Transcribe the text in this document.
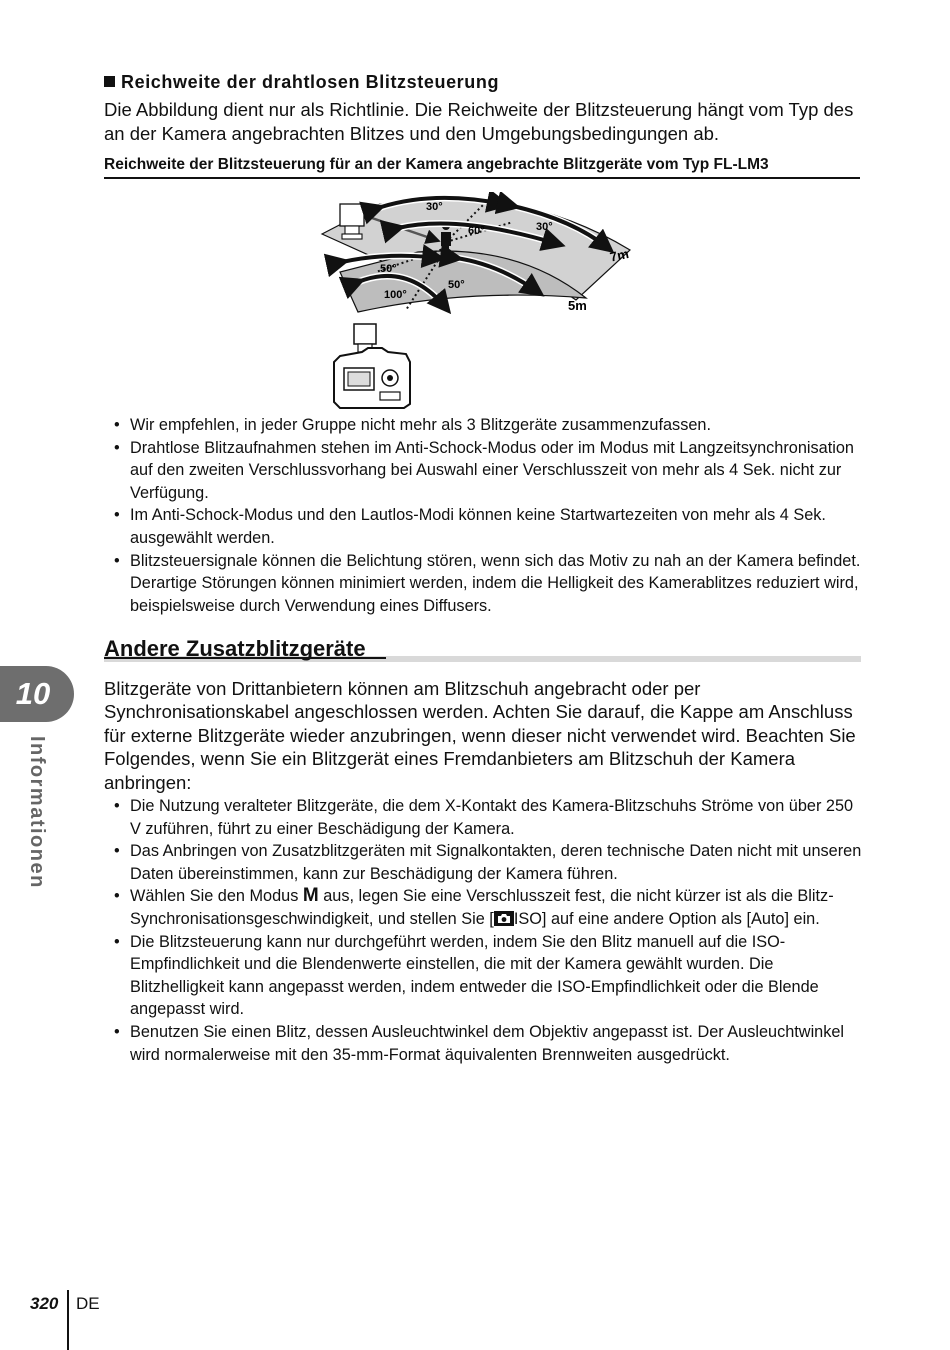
Reichweite der drahtlosen Blitzsteuerung
Die Abbildung dient nur als Richtlinie. Die Reichweite der Blitzsteuerung hängt vom Typ des an der Kamera angebrachten Blitzes und den Umgebungsbedingungen ab.
Reichweite der Blitzsteuerung für an der Kamera angebrachte Blitzgeräte vom Typ FL-LM3
30°
30°
60°
50°
50°
100°
7m
5m
• Wir empfehlen, in jeder Gruppe nicht mehr als 3 Blitzgeräte zusammenzufassen.
• Drahtlose Blitzaufnahmen stehen im Anti-Schock-Modus oder im Modus mit Langzeitsynchronisation auf den zweiten Verschlussvorhang bei Auswahl einer Verschlusszeit von mehr als 4 Sek. nicht zur Verfügung.
• Im Anti-Schock-Modus und den Lautlos-Modi können keine Startwartezeiten von mehr als 4 Sek. ausgewählt werden.
• Blitzsteuersignale können die Belichtung stören, wenn sich das Motiv zu nah an der Kamera befindet. Derartige Störungen können minimiert werden, indem die Helligkeit des Kamerablitzes reduziert wird, beispielsweise durch Verwendung eines Diffusers.
Andere Zusatzblitzgeräte
Blitzgeräte von Drittanbietern können am Blitzschuh angebracht oder per Synchronisationskabel angeschlossen werden. Achten Sie darauf, die Kappe am Anschluss für externe Blitzgeräte wieder anzubringen, wenn dieser nicht verwendet wird. Beachten Sie Folgendes, wenn Sie ein Blitzgerät eines Fremdanbieters am Blitzschuh der Kamera anbringen:
• Die Nutzung veralteter Blitzgeräte, die dem X-Kontakt des Kamera-Blitzschuhs Ströme von über 250 V zuführen, führt zu einer Beschädigung der Kamera.
• Das Anbringen von Zusatzblitzgeräten mit Signalkontakten, deren technische Daten nicht mit unseren Daten übereinstimmen, kann zur Beschädigung der Kamera führen.
• Wählen Sie den Modus M aus, legen Sie eine Verschlusszeit fest, die nicht kürzer ist als die Blitz-Synchronisationsgeschwindigkeit, und stellen Sie [ ISO] auf eine andere Option als [Auto] ein.
• Die Blitzsteuerung kann nur durchgeführt werden, indem Sie den Blitz manuell auf die ISO-Empfindlichkeit und die Blendenwerte einstellen, die mit der Kamera gewählt wurden. Die Blitzhelligkeit kann angepasst werden, indem entweder die ISO-Empfindlichkeit oder die Blende angepasst wird.
• Benutzen Sie einen Blitz, dessen Ausleuchtwinkel dem Objektiv angepasst ist. Der Ausleuchtwinkel wird normalerweise mit den 35-mm-Format äquivalenten Brennweiten ausgedrückt.
10
Informationen
320 DE
